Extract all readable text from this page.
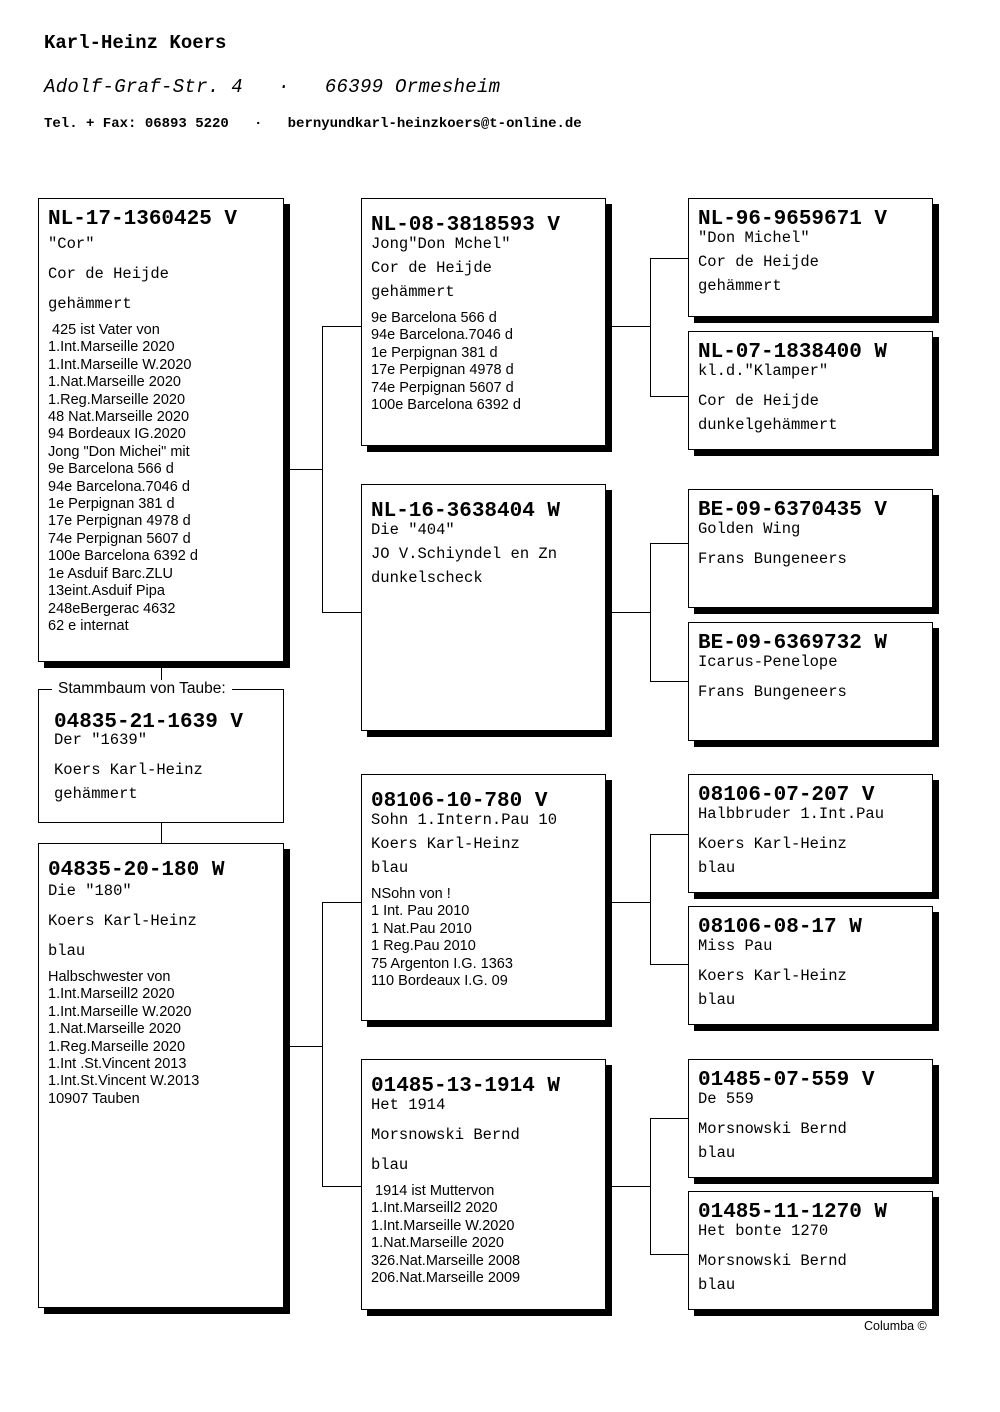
Karl-Heinz Koers
Adolf-Graf-Str. 4   ·   66399 Ormesheim
Tel. + Fax: 06893 5220   ·   bernyundkarl-heinzkoers@t-online.de
NL-17-1360425 V
"Cor"
Cor de Heijde
gehämmert
425 ist Vater von
1.Int.Marseille 2020
1.Int.Marseille W.2020
1.Nat.Marseille 2020
1.Reg.Marseille 2020
48 Nat.Marseille 2020
94 Bordeaux IG.2020
Jong "Don Michei" mit
9e Barcelona 566 d
94e Barcelona.7046 d
1e Perpignan 381 d
17e Perpignan 4978 d
74e Perpignan 5607 d
100e Barcelona 6392 d
1e Asduif Barc.ZLU
13eint.Asduif Pipa
248eBergerac 4632
62 e internat
04835-21-1639 V
Der "1639"
Koers Karl-Heinz
gehämmert
Stammbaum von Taube:
04835-20-180 W
Die "180"
Koers Karl-Heinz
blau
Halbschwester von
1.Int.Marseill2 2020
1.Int.Marseille W.2020
1.Nat.Marseille 2020
1.Reg.Marseille 2020
1.Int .St.Vincent 2013
1.Int.St.Vincent W.2013
10907 Tauben
NL-08-3818593 V
Jong"Don Mchel"
Cor de Heijde
gehämmert
9e Barcelona 566 d
94e Barcelona.7046 d
1e Perpignan 381 d
17e Perpignan 4978 d
74e Perpignan 5607 d
100e Barcelona 6392 d
NL-16-3638404 W
Die "404"
JO V.Schiyndel en Zn
dunkelscheck
08106-10-780 V
Sohn 1.Intern.Pau 10
Koers Karl-Heinz
blau
NSohn von !
1 Int. Pau 2010
1 Nat.Pau 2010
1 Reg.Pau 2010
75 Argenton I.G. 1363
110 Bordeaux I.G. 09
01485-13-1914 W
Het 1914
Morsnowski Bernd
blau
1914 ist Muttervon
1.Int.Marseill2 2020
1.Int.Marseille W.2020
1.Nat.Marseille 2020
326.Nat.Marseille 2008
206.Nat.Marseille 2009
NL-96-9659671 V
"Don Michel"
Cor de Heijde
gehämmert
NL-07-1838400 W
kl.d."Klamper"
Cor de Heijde
dunkelgehämmert
BE-09-6370435 V
Golden Wing
Frans Bungeneers
BE-09-6369732 W
Icarus-Penelope
Frans Bungeneers
08106-07-207 V
Halbbruder 1.Int.Pau
Koers Karl-Heinz
blau
08106-08-17 W
Miss Pau
Koers Karl-Heinz
blau
01485-07-559 V
De 559
Morsnowski Bernd
blau
01485-11-1270 W
Het bonte 1270
Morsnowski Bernd
blau
Columba ©
